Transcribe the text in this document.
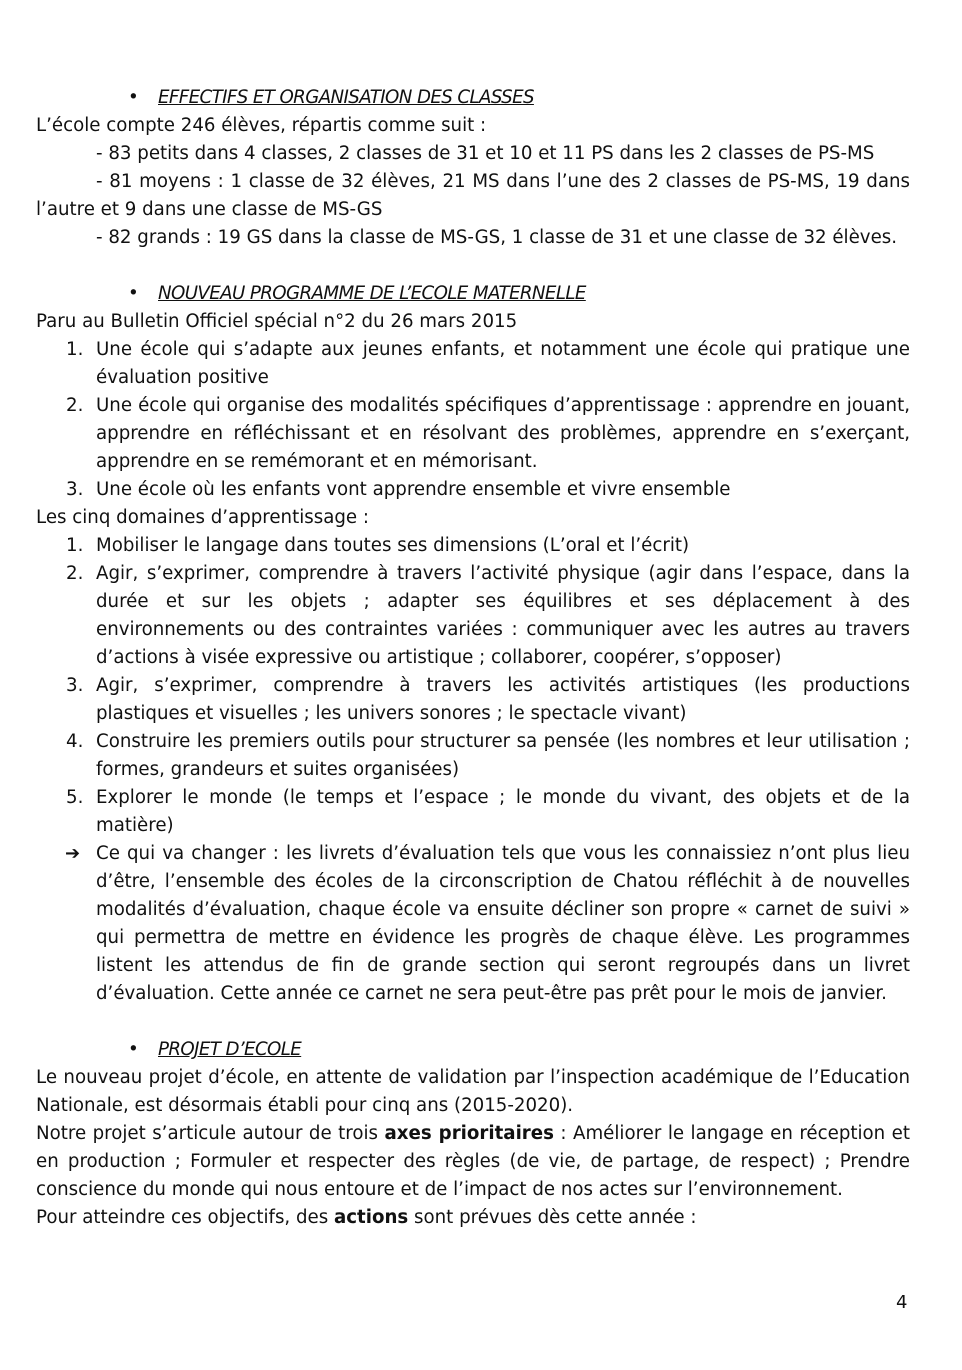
• EFFECTIFS ET ORGANISATION DES CLASSES

L’école compte 246 élèves, répartis comme suit :

- 83 petits dans 4 classes, 2 classes de 31 et 10 et 11 PS dans les 2 classes de PS-MS

- 81 moyens : 1 classe de 32 élèves, 21 MS dans l’une des 2 classes de PS-MS, 19 dans

l’autre et 9 dans une classe de MS-GS

- 82 grands : 19 GS dans la classe de MS-GS, 1 classe de 31 et une classe de 32 élèves.

• NOUVEAU PROGRAMME DE L’ECOLE MATERNELLE

Paru au Bulletin Officiel spécial n°2 du 26 mars 2015

1. Une école qui s’adapte aux jeunes enfants, et notamment une école qui pratique une évaluation positive
2. Une école qui organise des modalités spécifiques d’apprentissage : apprendre en jouant, apprendre en réfléchissant et en résolvant des problèmes, apprendre en s’exerçant, apprendre en se remémorant et en mémorisant.
3. Une école où les enfants vont apprendre ensemble et vivre ensemble

Les cinq domaines d’apprentissage :

1. Mobiliser le langage dans toutes ses dimensions (L’oral et l’écrit)
2. Agir, s’exprimer, comprendre à travers l’activité physique (agir dans l’espace, dans la durée et sur les objets ; adapter ses équilibres et ses déplacement à des environnements ou des contraintes variées : communiquer avec les autres au travers d’actions à visée expressive ou artistique ; collaborer, coopérer, s’opposer)
3. Agir, s’exprimer, comprendre à travers les activités artistiques (les productions plastiques et visuelles ; les univers sonores ; le spectacle vivant)
4. Construire les premiers outils pour structurer sa pensée (les nombres et leur utilisation ; formes, grandeurs et suites organisées)
5. Explorer le monde (le temps et l’espace ; le monde du vivant, des objets et de la matière)
➔ Ce qui va changer : les livrets d’évaluation tels que vous les connaissiez n’ont plus lieu d’être, l’ensemble des écoles de la circonscription de Chatou réfléchit à de nouvelles modalités d’évaluation, chaque école va ensuite décliner son propre « carnet de suivi » qui permettra de mettre en évidence les progrès de chaque élève. Les programmes listent les attendus de fin de grande section qui seront regroupés dans un livret d’évaluation. Cette année ce carnet ne sera peut-être pas prêt pour le mois de janvier.
• PROJET D’ECOLE

Le nouveau projet d’école, en attente de validation par l’inspection académique de l’Education Nationale, est désormais établi pour cinq ans (2015-2020).

Notre projet s’articule autour de trois axes prioritaires : Améliorer le langage en réception et en production ; Formuler et respecter des règles (de vie, de partage, de respect) ; Prendre conscience du monde qui nous entoure et de l’impact de nos actes sur l’environnement.

Pour atteindre ces objectifs, des actions sont prévues dès cette année :

4
